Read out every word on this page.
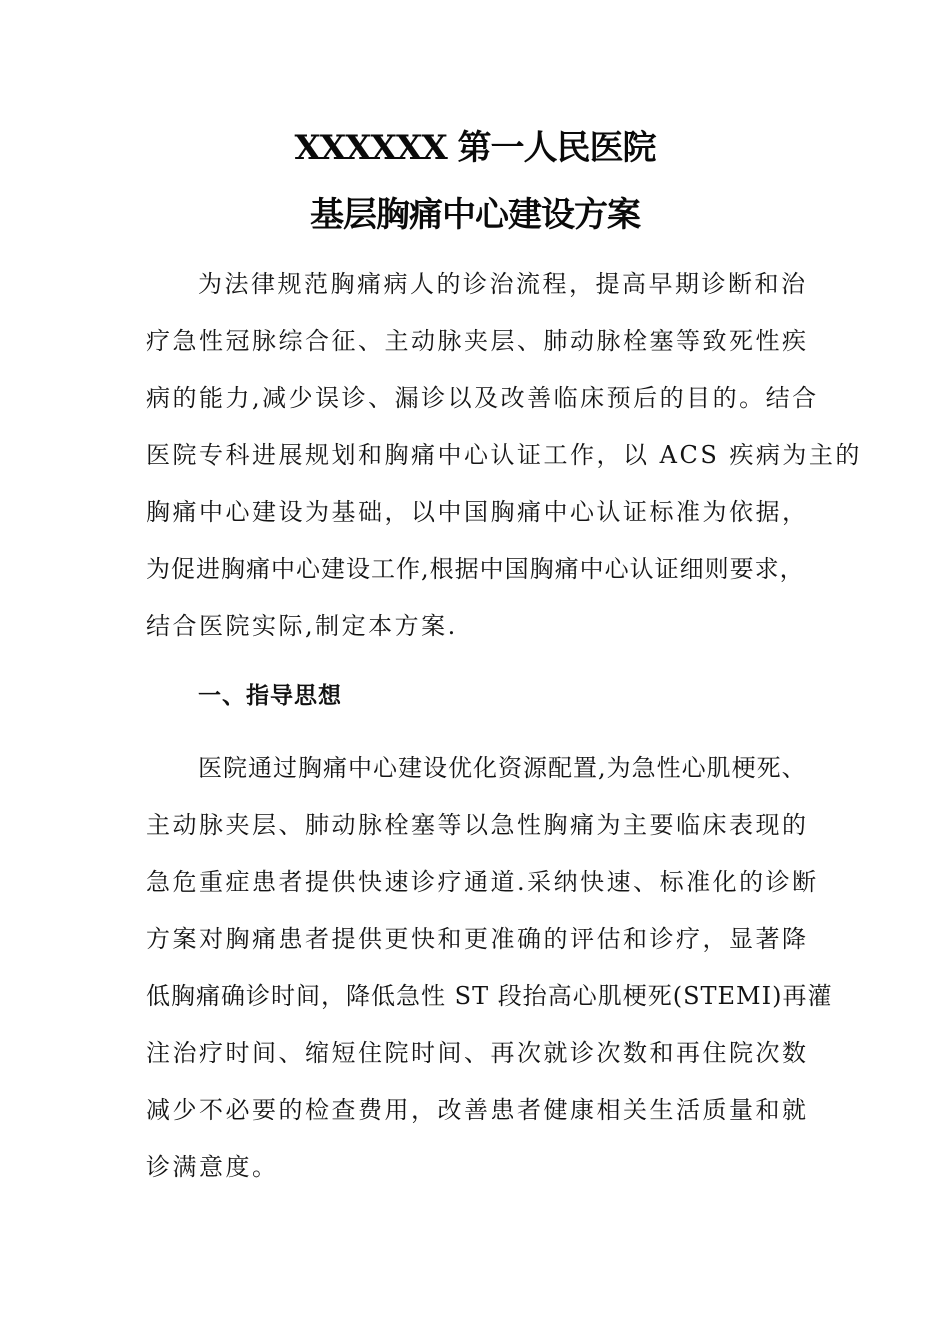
XXXXXX 第一人民医院
基层胸痛中心建设方案
为法律规范胸痛病人的诊治流程，提高早期诊断和治
疗急性冠脉综合征、主动脉夹层、肺动脉栓塞等致死性疾
病的能力,减少误诊、漏诊以及改善临床预后的目的。结合
医院专科进展规划和胸痛中心认证工作，以 ACS 疾病为主的
胸痛中心建设为基础，以中国胸痛中心认证标准为依据，
为促进胸痛中心建设工作,根据中国胸痛中心认证细则要求，
结合医院实际,制定本方案.
一、指导思想
医院通过胸痛中心建设优化资源配置,为急性心肌梗死、
主动脉夹层、肺动脉栓塞等以急性胸痛为主要临床表现的
急危重症患者提供快速诊疗通道.采纳快速、标准化的诊断
方案对胸痛患者提供更快和更准确的评估和诊疗，显著降
低胸痛确诊时间，降低急性 ST 段抬高心肌梗死(STEMI)再灌
注治疗时间、缩短住院时间、再次就诊次数和再住院次数
减少不必要的检查费用，改善患者健康相关生活质量和就
诊满意度。
